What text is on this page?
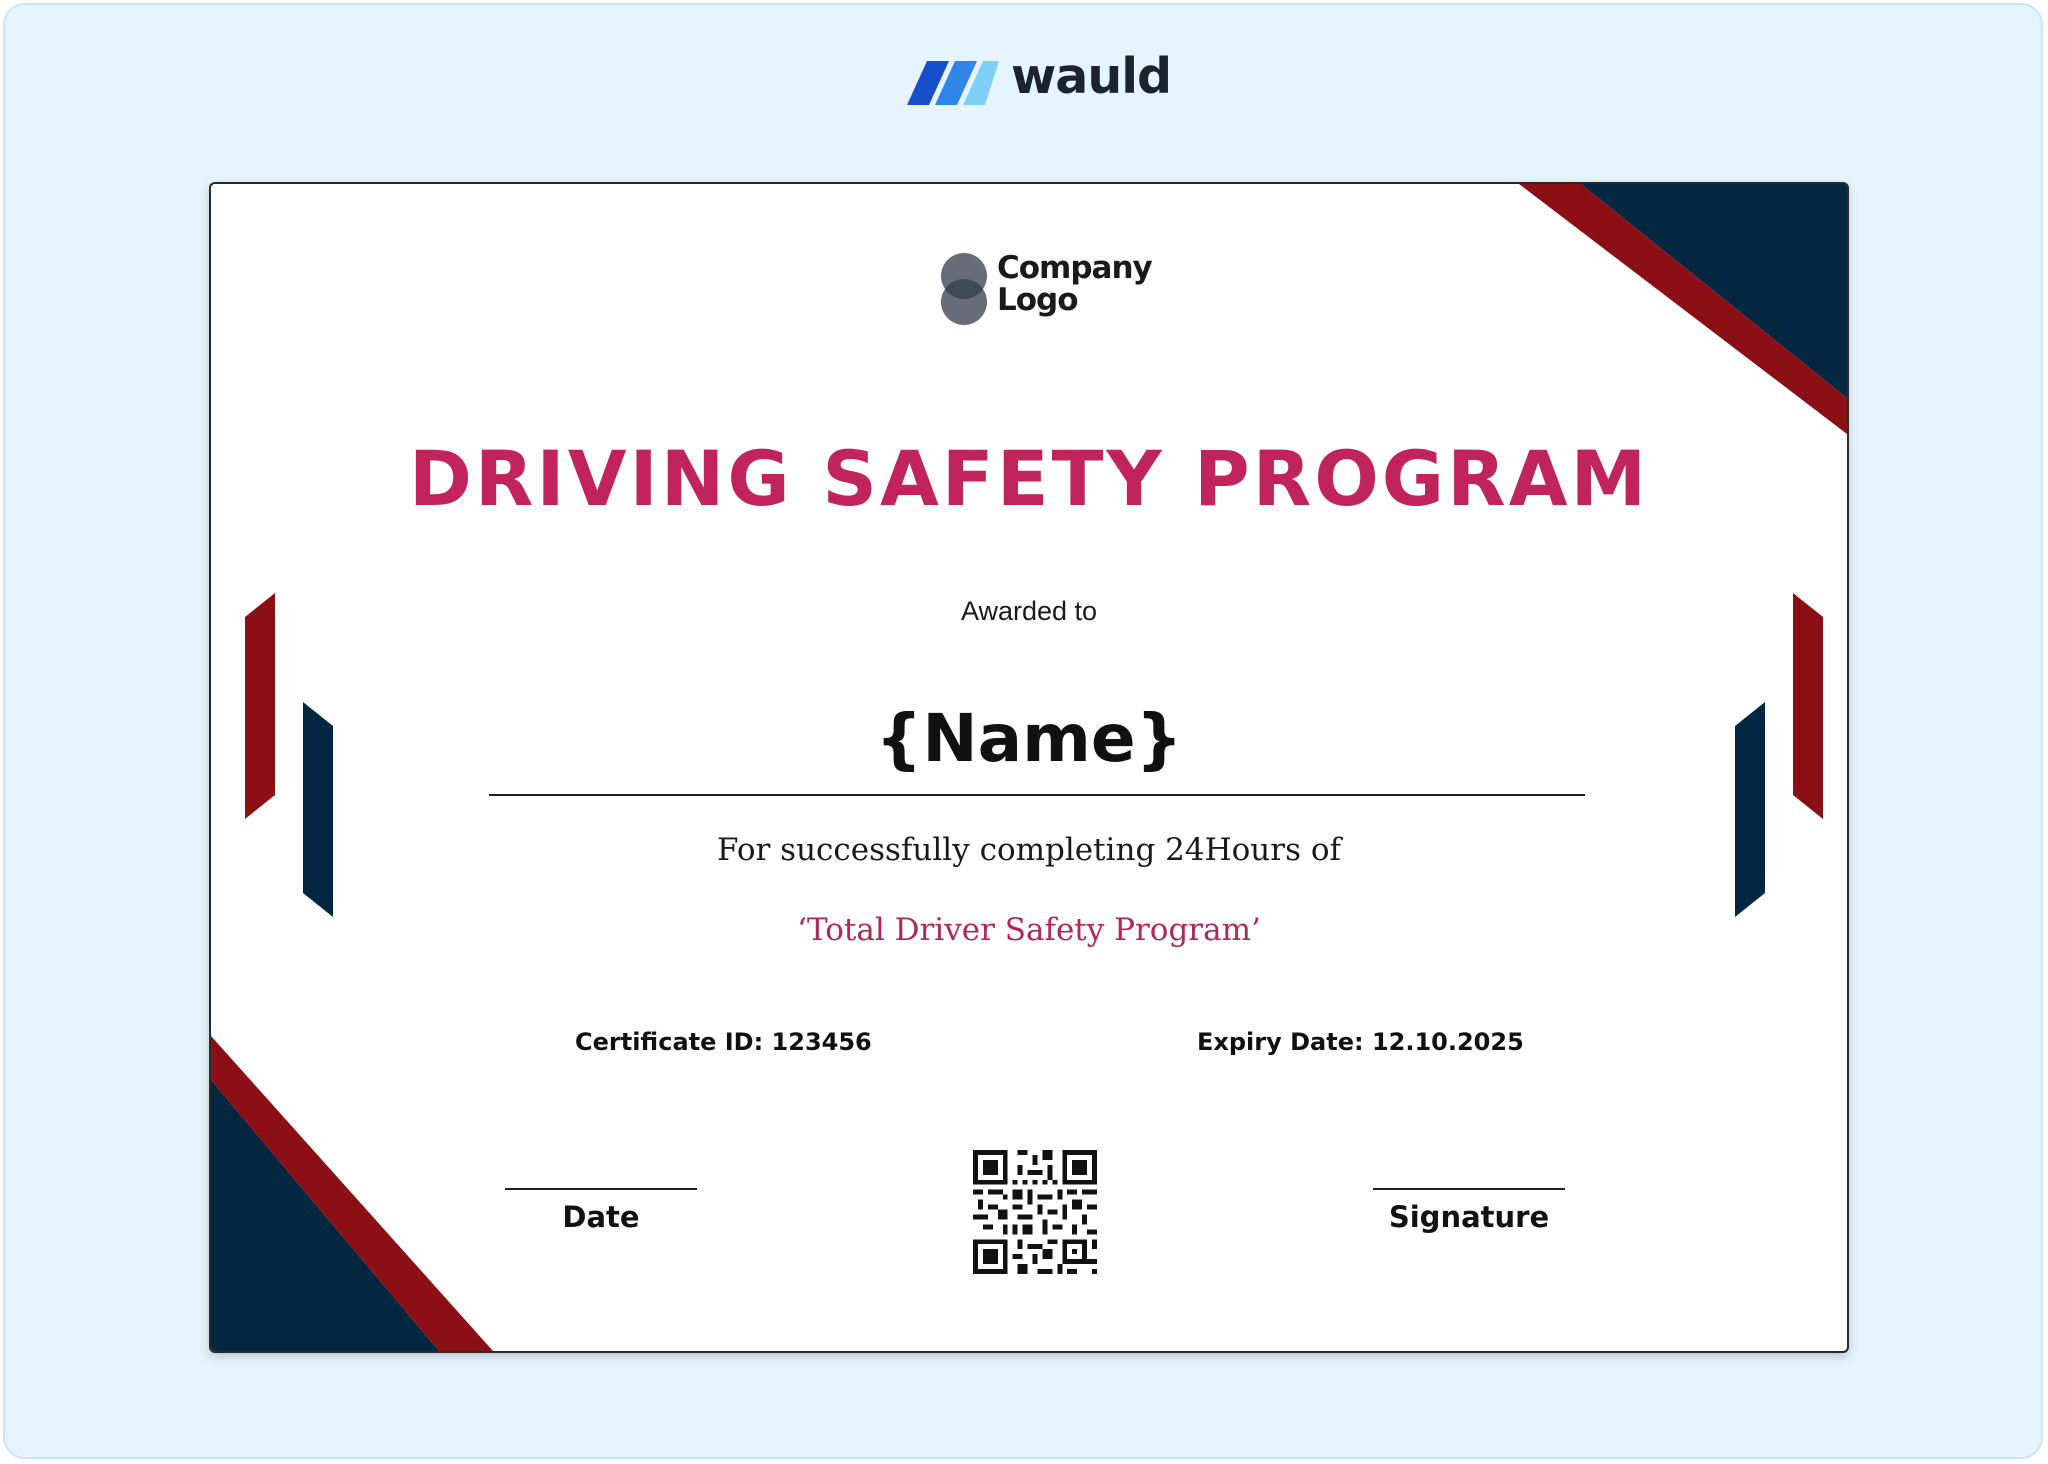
wauld
Company
Logo
DRIVING SAFETY PROGRAM
Awarded to
{Name}
For successfully completing 24Hours of
‘Total Driver Safety Program’
Certificate ID: 123456	Expiry Date: 12.10.2025
Date	Signature
